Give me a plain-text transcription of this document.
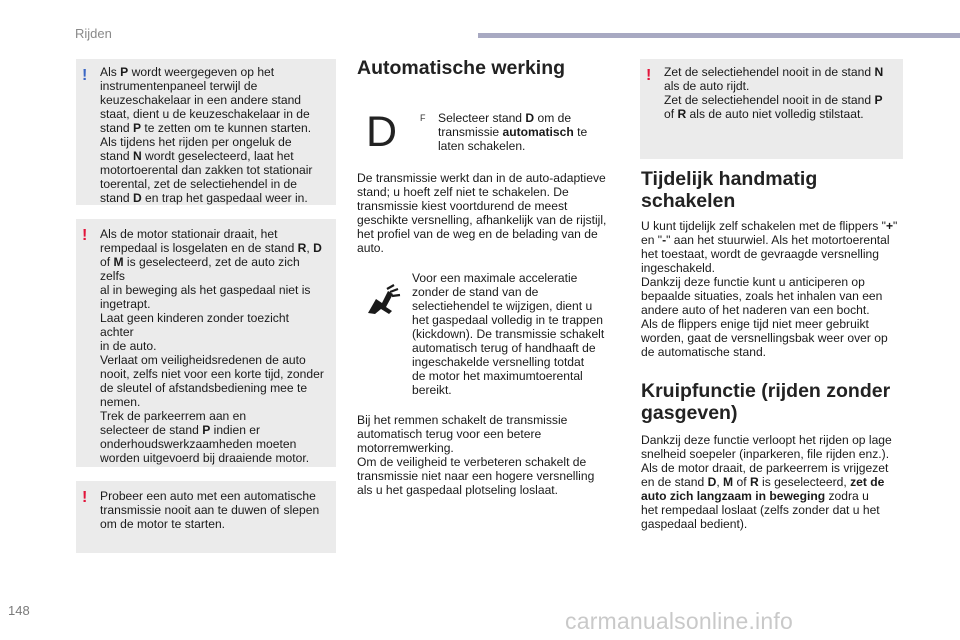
Rijden
! Als P wordt weergegeven op het
instrumentenpaneel terwijl de
keuzeschakelaar in een andere stand
staat, dient u de keuzeschakelaar in de
stand P te zetten om te kunnen starten.
Als tijdens het rijden per ongeluk de
stand N wordt geselecteerd, laat het
motortoerental dan zakken tot stationair
toerental, zet de selectiehendel in de
stand D en trap het gaspedaal weer in.
! Als de motor stationair draait, het
rempedaal is losgelaten en de stand R, D
of M is geselecteerd, zet de auto zich zelfs
al in beweging als het gaspedaal niet is
ingetrapt.
Laat geen kinderen zonder toezicht achter
in de auto.
Verlaat om veiligheidsredenen de auto
nooit, zelfs niet voor een korte tijd, zonder
de sleutel of afstandsbediening mee te
nemen.
Trek de parkeerrem aan en
selecteer de stand P indien er
onderhoudswerkzaamheden moeten
worden uitgevoerd bij draaiende motor.
! Probeer een auto met een automatische
transmissie nooit aan te duwen of slepen
om de motor te starten.
Automatische werking
D	F Selecteer stand D om de
transmissie automatisch te
laten schakelen.
De transmissie werkt dan in de auto-adaptieve
stand; u hoeft zelf niet te schakelen. De
transmissie kiest voortdurend de meest
geschikte versnelling, afhankelijk van de rijstijl,
het profiel van de weg en de belading van de
auto.
Voor een maximale acceleratie
zonder de stand van de
selectiehendel te wijzigen, dient u
het gaspedaal volledig in te trappen
(kickdown). De transmissie schakelt
automatisch terug of handhaaft de
ingeschakelde versnelling totdat
de motor het maximumtoerental
bereikt.
Bij het remmen schakelt de transmissie
automatisch terug voor een betere
motorremwerking.
Om de veiligheid te verbeteren schakelt de
transmissie niet naar een hogere versnelling
als u het gaspedaal plotseling loslaat.
! Zet de selectiehendel nooit in de stand N
als de auto rijdt.
Zet de selectiehendel nooit in de stand P
of R als de auto niet volledig stilstaat.
Tijdelijk handmatig
schakelen
U kunt tijdelijk zelf schakelen met de flippers "+"
en "-" aan het stuurwiel. Als het motortoerental
het toestaat, wordt de gevraagde versnelling
ingeschakeld.
Dankzij deze functie kunt u anticiperen op
bepaalde situaties, zoals het inhalen van een
andere auto of het naderen van een bocht.
Als de flippers enige tijd niet meer gebruikt
worden, gaat de versnellingsbak weer over op
de automatische stand.
Kruipfunctie (rijden zonder
gasgeven)
Dankzij deze functie verloopt het rijden op lage
snelheid soepeler (inparkeren, file rijden enz.).
Als de motor draait, de parkeerrem is vrijgezet
en de stand D, M of R is geselecteerd, zet de
auto zich langzaam in beweging zodra u
het rempedaal loslaat (zelfs zonder dat u het
gaspedaal bedient).
148	carmanualsonline.info
